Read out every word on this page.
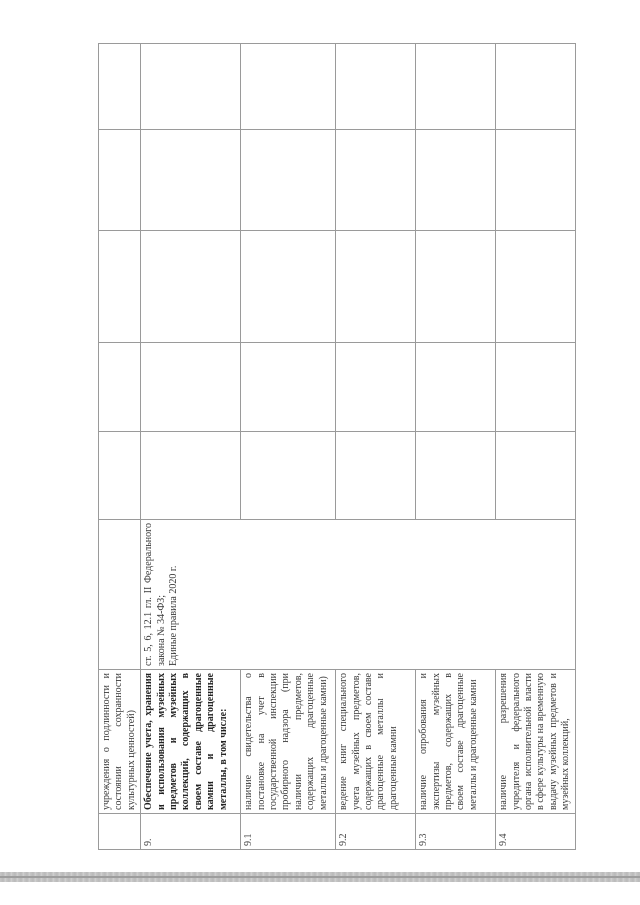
	учреждения о подлинности и состоянии сохранности культурных ценностей)						
9.	Обеспечение учета, хранения и использования музейных предметов и музейных коллекций, содержащих в своем составе драгоценные камни и драгоценные металлы, в том числе:	ст. 5, 6, 12.1 гл. II Федерального закона № 34-ФЗ; Единые правила 2020 г.					

9.1	наличие свидетельства о постановке на учет в государственной инспекции пробирного надзора (при наличии предметов, содержащих драгоценные металлы и драгоценные камни)						
9.2	ведение книг специального учета музейных предметов, содержащих в своем составе драгоценные металлы и драгоценные камни						
9.3	наличие опробования и экспертизы музейных предметов, содержащих в своем составе драгоценные металлы и драгоценные камни						
9.4	наличие разрешения учредителя и федерального органа исполнительной власти в сфере культуры на временную выдачу музейных предметов и музейных коллекций,						
